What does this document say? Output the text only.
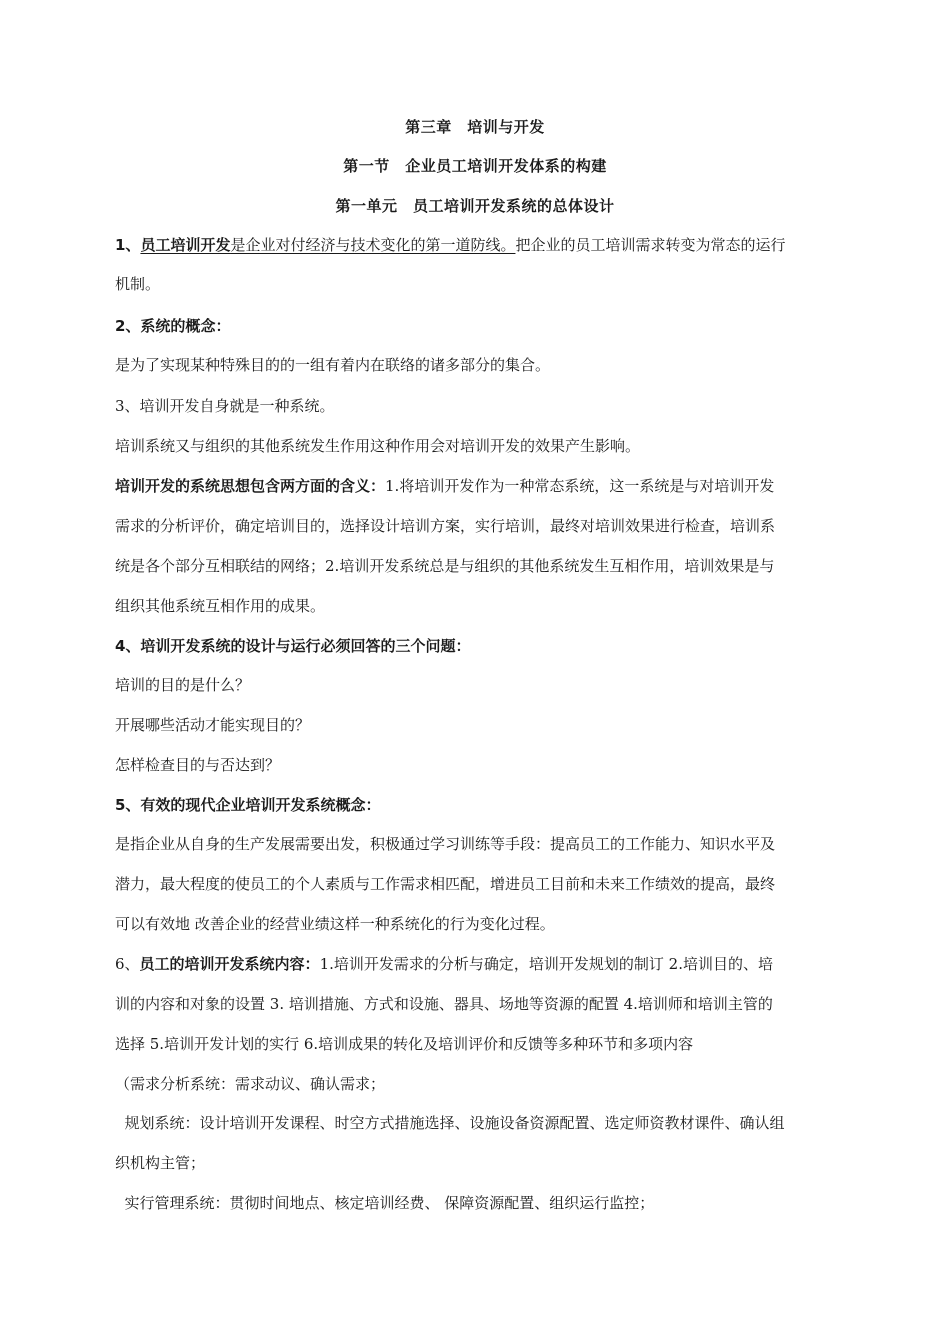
第三章　培训与开发
第一节　企业员工培训开发体系的构建
第一单元　员工培训开发系统的总体设计
1、员工培训开发是企业对付经济与技术变化的第一道防线。把企业的员工培训需求转变为常态的运行
机制。
2、系统的概念：
是为了实现某种特殊目的的一组有着内在联络的诸多部分的集合。
3、培训开发自身就是一种系统。
培训系统又与组织的其他系统发生作用这种作用会对培训开发的效果产生影响。
培训开发的系统思想包含两方面的含义：1.将培训开发作为一种常态系统，这一系统是与对培训开发
需求的分析评价，确定培训目的，选择设计培训方案，实行培训，最终对培训效果进行检查，培训系
统是各个部分互相联结的网络；2.培训开发系统总是与组织的其他系统发生互相作用，培训效果是与
组织其他系统互相作用的成果。
4、培训开发系统的设计与运行必须回答的三个问题：
培训的目的是什么？
开展哪些活动才能实现目的？
怎样检查目的与否达到？
5、有效的现代企业培训开发系统概念：
是指企业从自身的生产发展需要出发，积极通过学习训练等手段：提高员工的工作能力、知识水平及
潜力，最大程度的使员工的个人素质与工作需求相匹配，增进员工目前和未来工作绩效的提高，最终
可以有效地 改善企业的经营业绩这样一种系统化的行为变化过程。
6、员工的培训开发系统内容：1.培训开发需求的分析与确定，培训开发规划的制订 2.培训目的、培
训的内容和对象的设置 3. 培训措施、方式和设施、器具、场地等资源的配置 4.培训师和培训主管的
选择 5.培训开发计划的实行 6.培训成果的转化及培训评价和反馈等多种环节和多项内容
（需求分析系统：需求动议、确认需求；
规划系统：设计培训开发课程、时空方式措施选择、设施设备资源配置、选定师资教材课件、确认组
织机构主管；
实行管理系统：贯彻时间地点、核定培训经费、 保障资源配置、组织运行监控；
